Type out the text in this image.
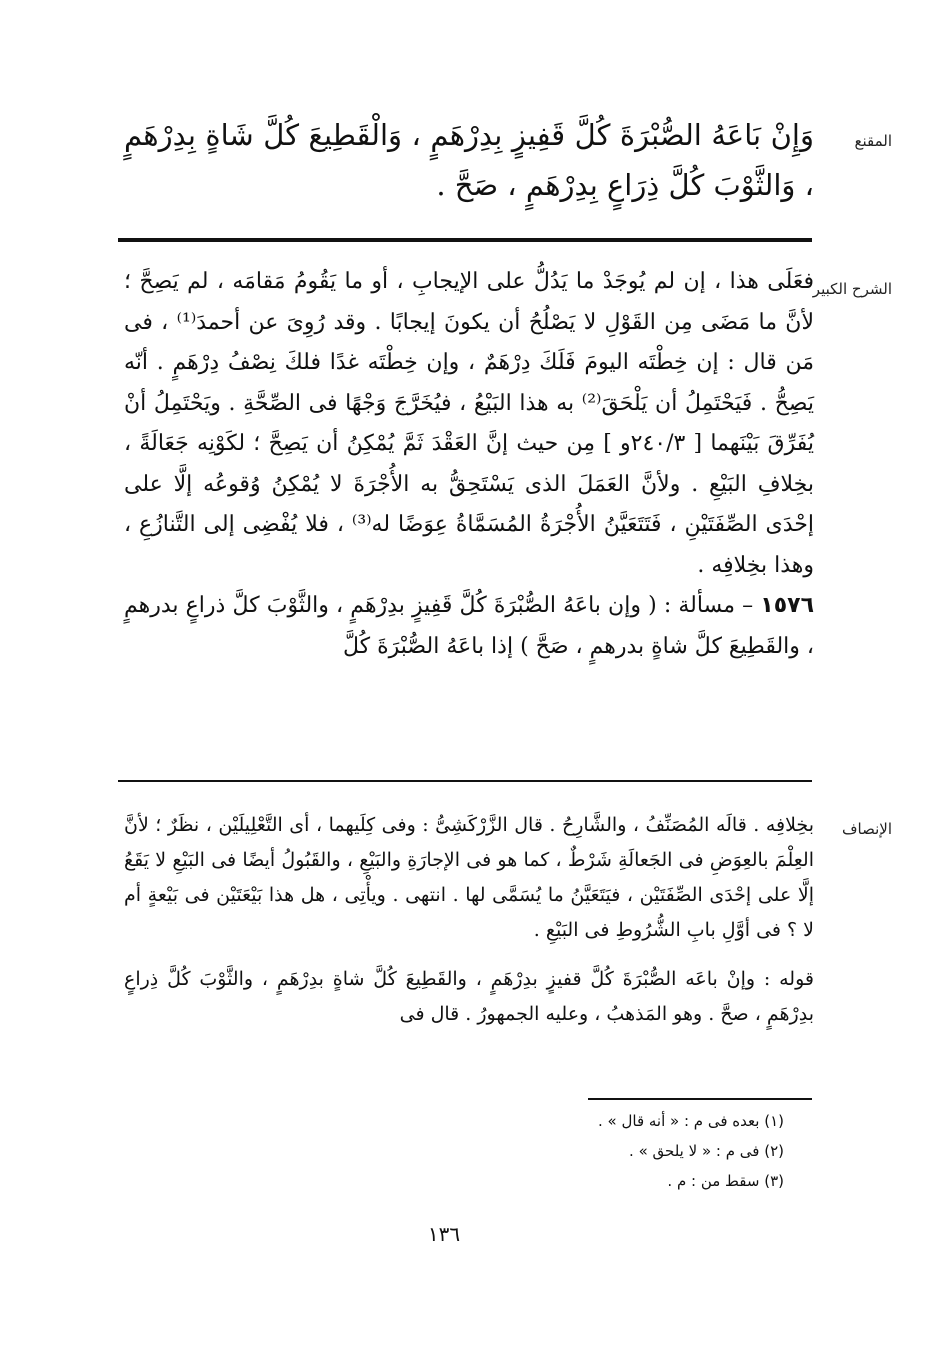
المقنع

وَإِنْ بَاعَهُ الصُّبْرَةَ كُلَّ قَفِيزٍ بِدِرْهَمٍ ، وَالْقَطِيعَ كُلَّ شَاةٍ بِدِرْهَمٍ ، وَالثَّوْبَ كُلَّ ذِرَاعٍ بِدِرْهَمٍ ، صَحَّ .

الشرح الكبير

فعَلَى هذا ، إن لم يُوجَدْ ما يَدُلُّ على الإيجابِ ، أو ما يَقُومُ مَقامَه ، لم يَصِحَّ ؛ لأنَّ ما مَضَى مِن القَوْلِ لا يَصْلُحُ أن يكونَ إيجابًا . وقد رُوِىَ عن أحمدَ⁽¹⁾ ، فى مَن قال : إن خِطْتَه اليومَ فَلَكَ دِرْهَمٌ ، وإن خِطْتَه غدًا فلكَ نِصْفُ دِرْهَمٍ . أنّه يَصِحُّ . فَيَحْتَمِلُ أن يَلْحَقَ⁽²⁾ به هذا البَيْعُ ، فيُخَرَّجَ وَجْهًا فى الصِّحَّةِ . ويَحْتَمِلُ أنْ يُفَرِّقَ بَيْنَهما [ ٢٤٠/٣و ] مِن حيث إنَّ العَقْدَ ثَمَّ يُمْكِنُ أن يَصِحَّ ؛ لكَوْنِه جَعَالَةً ، بخِلافِ البَيْعِ . ولأنَّ العَمَلَ الذى يَسْتَحِقُّ به الأُجْرَةَ لا يُمْكِنُ وُقوعُه إلَّا على إحْدَى الصِّفَتَيْنِ ، فَتَتَعَيَّنُ الأُجْرَةُ المُسَمَّاةُ عِوَضًا له⁽³⁾ ، فلا يُفْضِى إلى التَّنازُعِ ، وهذا بخِلافِه .

١٥٧٦ – مسألة : ( وإن باعَهُ الصُّبْرَةَ كُلَّ قَفِيزٍ بدِرْهَمٍ ، والثَّوْبَ كلَّ ذراعٍ بدرهمٍ ، والقَطِيعَ كلَّ شاةٍ بدرهمٍ ، صَحَّ ) إذا باعَهُ الصُّبْرَةَ كُلَّ

الإنصاف

بخِلافِه . قالَه المُصَنِّفُ ، والشَّارِحُ . قال الزَّرْكَشِىُّ : وفى كِلَيهما ، أى التَّعْلِيلَيْن ، نظَرٌ ؛ لأنَّ العِلْمَ بالعِوَضِ فى الجَعالَةِ شَرْطٌ ، كما هو فى الإجارَةِ والبَيْعِ ، والقَبُولُ أيضًا فى البَيْعِ لا يَقَعُ إلَّا على إحْدَى الصِّفَتَيْن ، فيَتَعَيَّنُ ما يُسَمَّى لها . انتهى . ويأْتِى ، هل هذا بَيْعَتَيْن فى بَيْعةٍ أم لا ؟ فى أوَّلِ بابِ الشُّرُوطِ فى البَيْعِ .

قوله : وإنْ باعَه الصُّبْرَةَ كُلَّ قفيزٍ بدِرْهَمٍ ، والقَطِيعَ كُلَّ شاةٍ بدِرْهَمٍ ، والثَّوْبَ كُلَّ ذِراعٍ بدِرْهَمٍ ، صحَّ . وهو المَذهبُ ، وعليه الجمهورُ . قال فى

(١) بعده فى م : « أنه قال » .
(٢) فى م : « لا يلحق » .
(٣) سقط من : م .
١٣٦
